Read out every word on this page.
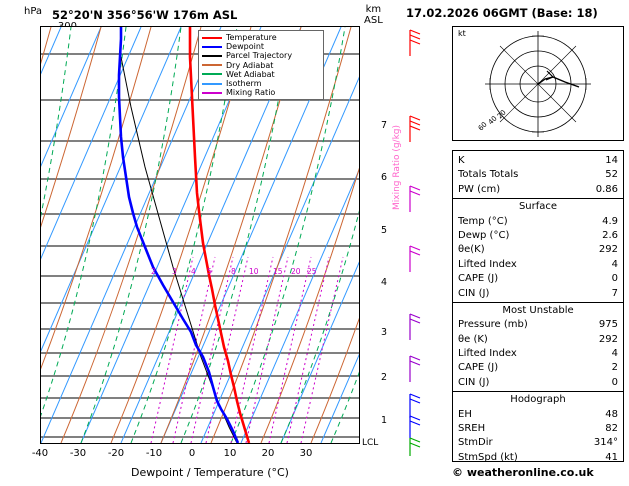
hPa 52°20'N 356°56'W 176m ASL	km
ASL
7
6
5
4
3
2
1
Mixing Ratio (g/kg)
LCL
2 3 4 5	8 10 15 20 25
Temperature
Dewpoint
Parcel Trajectory
Dry Adiabat
Wet Adiabat
Isotherm
Mixing Ratio
-40	-30	-20	-10	0	10	20	30
Dewpoint / Temperature (°C)
17.02.2026 06GMT (Base: 18)
20
40
60
kt
K	14
Totals Totals	52
PW (cm)	0.86
Surface
Temp (°C)	4.9
Dewp (°C)	2.6
θe(K)	292
Lifted Index	4
CAPE (J)	0
CIN (J)	7
Most Unstable
Pressure (mb)	975
θe (K)	292
Lifted Index	4
CAPE (J)	2
CIN (J)	0
Hodograph
EH	48
SREH	82
StmDir	314°
StmSpd (kt)	41
© weatheronline.co.uk
